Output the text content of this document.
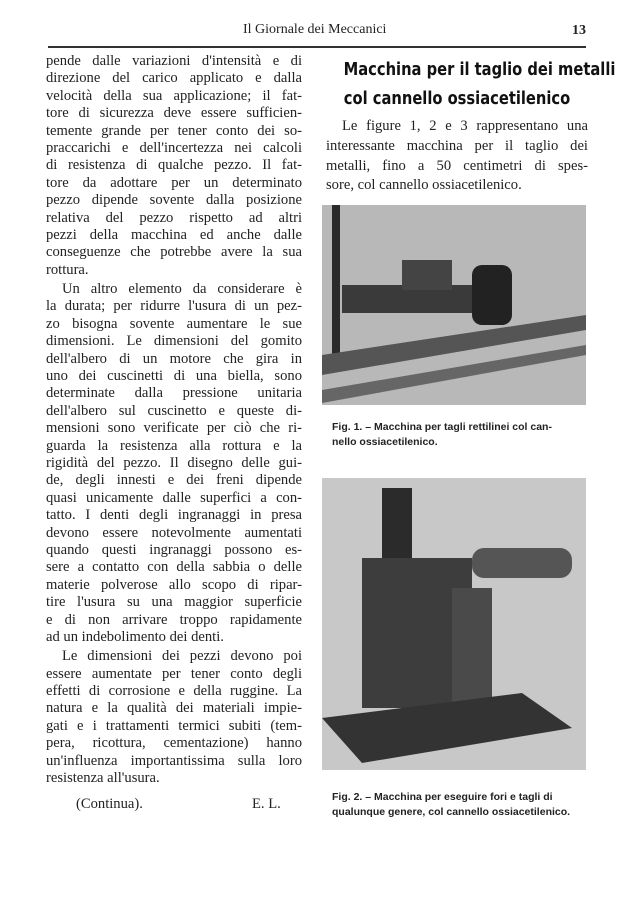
Il Giornale dei Meccanici	13
pende dalle variazioni d'intensità e di
direzione del carico applicato e dalla
velocità della sua applicazione; il fat-
tore di sicurezza deve essere sufficien-
temente grande per tener conto dei so-
praccarichi e dell'incertezza nei calcoli
di resistenza di qualche pezzo. Il fat-
tore da adottare per un determinato
pezzo dipende sovente dalla posizione
relativa del pezzo rispetto ad altri
pezzi della macchina ed anche dalle
conseguenze che potrebbe avere la sua
rottura.
Un altro elemento da considerare è
la durata; per ridurre l'usura di un pez-
zo bisogna sovente aumentare le sue
dimensioni. Le dimensioni del gomito
dell'albero di un motore che gira in
uno dei cuscinetti di una biella, sono
determinate dalla pressione unitaria
dell'albero sul cuscinetto e queste di-
mensioni sono verificate per ciò che ri-
guarda la resistenza alla rottura e la
rigidità del pezzo. Il disegno delle gui-
de, degli innesti e dei freni dipende
quasi unicamente dalle superfici a con-
tatto. I denti degli ingranaggi in presa
devono essere notevolmente aumentati
quando questi ingranaggi possono es-
sere a contatto con della sabbia o delle
materie polverose allo scopo di ripar-
tire l'usura su una maggior superficie
e di non arrivare troppo rapidamente
ad un indebolimento dei denti.
Le dimensioni dei pezzi devono poi
essere aumentate per tener conto degli
effetti di corrosione e della ruggine. La
natura e la qualità dei materiali impie-
gati e i trattamenti termici subiti (tem-
pera, ricottura, cementazione) hanno
un'influenza importantissima sulla loro
resistenza all'usura.
Macchina per il taglio dei metalli
col cannello ossiacetilenico
Le figure 1, 2 e 3 rappresentano una
interessante macchina per il taglio dei
metalli, fino a 50 centimetri di spes-
sore, col cannello ossiacetilenico.
Fig. 1. – Macchina per tagli rettilinei col can-
nello ossiacetilenico.
Fig. 2. – Macchina per eseguire fori e tagli di
qualunque genere, col cannello ossiacetilenico.
(Continua).	E. L.
